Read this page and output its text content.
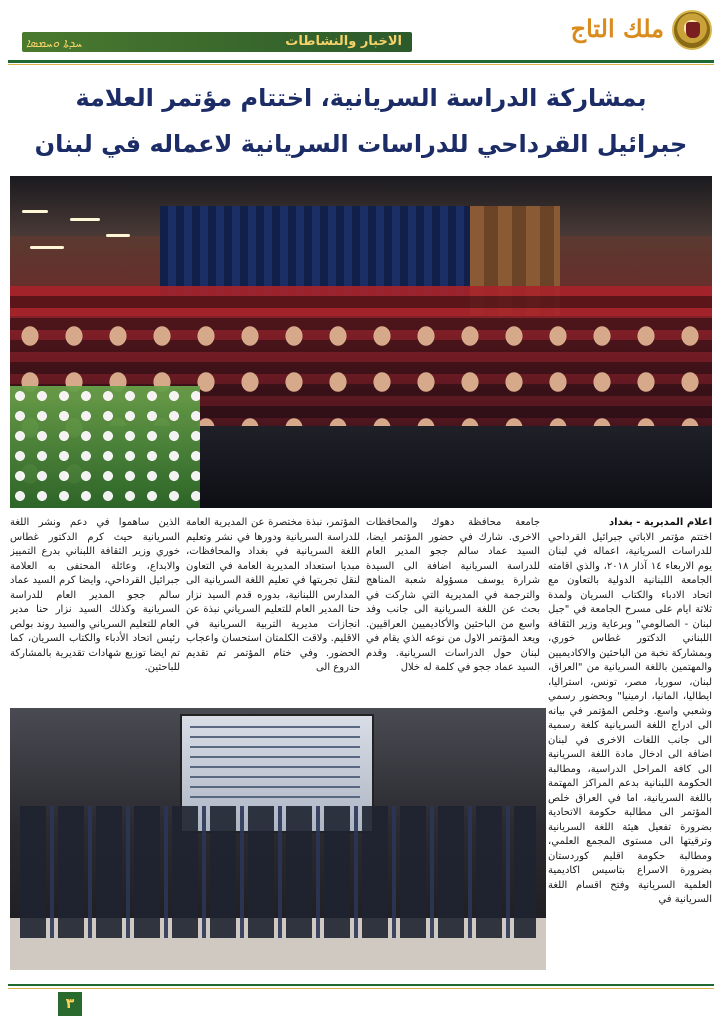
ملك التاج
الاخبار والنشاطات
ܚܕܬܐ ܘܚܡܣܐ
بمشاركة الدراسة السريانية، اختتام مؤتمر العلامة
جبرائيل القرداحي للدراسات السريانية لاعماله في لبنان

اعلام المديرية - بغداد

اختتم مؤتمر الاباتي جبرائيل القرداحي للدراسات السريانية، اعماله في لبنان يوم الاربعاء ١٤ آذار ٢٠١٨، والذي اقامته الجامعة اللبنانية الدولية بالتعاون مع اتحاد الادباء والكتاب السريان ولمدة ثلاثة ايام على مسرح الجامعة في "جبل لبنان - الصالومي" وبرعاية وزير الثقافة اللبناني الدكتور غطاس خوري، وبمشاركة نخبة من الباحثين والاكاديميين والمهتمين باللغة السريانية من "العراق، لبنان، سوريا، مصر، تونس، استراليا، ايطاليا، المانيا، ارمينيا" وبحضور رسمي وشعبي واسع. وخلص المؤتمر في بيانه الى ادراج اللغة السريانية كلغة رسمية الى جانب اللغات الاخرى في لبنان اضافة الى ادخال مادة اللغة السريانية الى كافة المراحل الدراسية، ومطالبة الحكومة اللبنانية بدعم المراكز المهتمة باللغة السريانية، اما في العراق خلص المؤتمر الى مطالبة حكومة الاتحادية بضرورة تفعيل هيئة اللغة السريانية وترقيتها الى مستوى المجمع العلمي، ومطالبة حكومة اقليم كوردستان بضرورة الاسراع بتاسيس اكاديمية العلمية السريانية وفتح اقسام اللغة السريانية في

جامعة محافظة دهوك والمحافظات الاخرى. شارك في حضور المؤتمر ايضا، السيد عماد سالم ججو المدير العام للدراسة السريانية اضافة الى السيدة شرارة يوسف مسؤولة شعبة المناهج والترجمة في المديرية التي شاركت في بحث عن اللغة السريانية الى جانب وفد واسع من الباحثين والأكاديميين العراقيين. ويعد المؤتمر الاول من نوعه الذي يقام في لبنان حول الدراسات السريانية. وقدم السيد عماد ججو في كلمة له خلال

المؤتمر، نبذة مختصرة عن المديرية العامة للدراسة السريانية ودورها في نشر وتعليم اللغة السريانية في بغداد والمحافظات، مبديا استعداد المديرية العامة في التعاون لنقل تجربتها في تعليم اللغة السريانية الى المدارس اللبنانية، بدوره قدم السيد نزار حنا المدير العام للتعليم السرياني نبذة عن انجازات مديرية التربية السريانية في الاقليم. ولاقت الكلمتان استحسان واعجاب الحضور. وفي ختام المؤتمر تم تقديم الدروع الى

الذين ساهموا في دعم ونشر اللغة السريانية حيث كرم الدكتور غطاس خوري وزير الثقافة اللبناني بدرع التمييز والابداع، وعائلة المحتفى به العلامة جبرائيل القرداحي، وايضا كرم السيد عماد سالم ججو المدير العام للدراسة السريانية وكذلك السيد نزار حنا مدير العام للتعليم السرياني والسيد روند بولص رئيس اتحاد الأدباء والكتاب السريان، كما تم ايضا توزيع شهادات تقديرية بالمشاركة للباحثين.

٣
